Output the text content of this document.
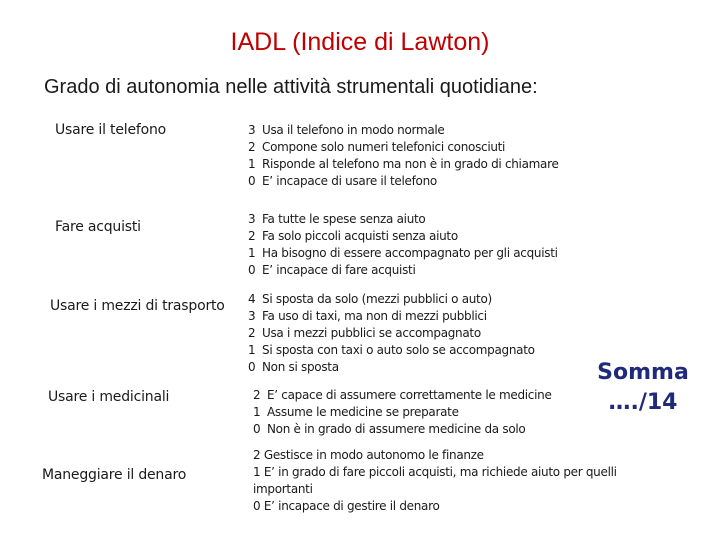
IADL (Indice di Lawton)
Grado di autonomia nelle attività strumentali quotidiane:
Usare il telefono	3 Usa il telefono in modo normale
2 Compone solo numeri telefonici conosciuti
1 Risponde al telefono ma non è in grado di chiamare
0 E’ incapace di usare il telefono
Fare acquisti	3 Fa tutte le spese senza aiuto
2 Fa solo piccoli acquisti senza aiuto
1 Ha bisogno di essere accompagnato per gli acquisti
0 E’ incapace di fare acquisti
Usare i mezzi di trasporto 4 Si sposta da solo (mezzi pubblici o auto)
3 Fa uso di taxi, ma non di mezzi pubblici
2 Usa i mezzi pubblici se accompagnato
1 Si sposta con taxi o auto solo se accompagnato
0 Non si sposta
Usare i medicinali	2 E’ capace di assumere correttamente le medicine
1 Assume le medicine se preparate
0 Non è in grado di assumere medicine da solo
Maneggiare il denaro
2 Gestisce in modo autonomo le finanze
1 E’ in grado di fare piccoli acquisti, ma richiede aiuto per quelli
importanti
0 E’ incapace di gestire il denaro
Somma
…./14
